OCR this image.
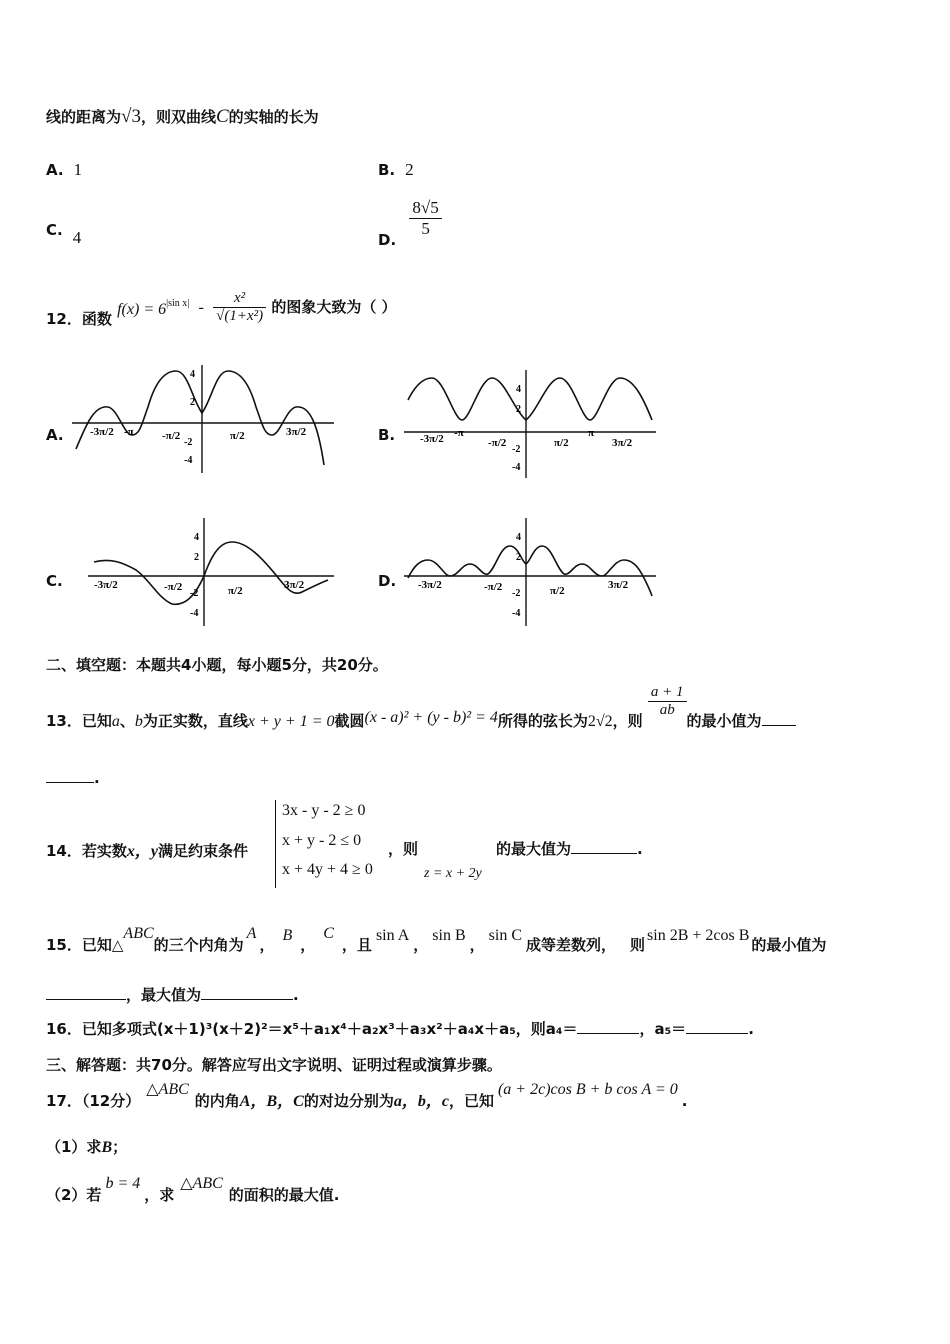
线的距离为√3，则双曲线C的实轴的长为
A. 1	B. 2
C. 4	D.
$\frac{8√5}{5}$
12．函数 $f(x) = 6^{|sin x|} - \frac{\text{x²}}{\text{√(1+x²)}}$ 的图象大致为（ ）
A.	B.
C.	D.
-3π/2 -π	-π/2	π/2	3π/2
4
2
-2
-4
-3π/2 -π
-π/2	π/2
π
3π/2
4
2
-2
-4
-3π/2	-π/2	π/2	3π/2
4
2
-2
-4
-3π/2	-π/2	π/2	3π/2
4
2
-2
-4
二、填空题：本题共4小题，每小题5分，共20分。
13．已知a、b为正实数，直线x + y + 1 = 0截圆(x - a)² + (y - b)² = 4所得的弦长为2√2，则
$\frac{a + 1}{ab}$
的最小值为
.
3x - y - 2 ≥ 0
x + y - 2 ≤ 0
x + 4y + 4 ≥ 0
14．若实数x，y满足约束条件	，则
z = x + 2y
的最大值为	.
15．已知△ABC的三个内角为A，B，C，且sin A，sin B，sin C成等差数列， 则sin 2B + 2cos B的最小值为
，最大值为	.
16．已知多项式(x＋1)³(x＋2)²＝x⁵＋a₁x⁴＋a₂x³＋a₃x²＋a₄x＋a₅，则a₄＝	，a₅＝	.
三、解答题：共70分。解答应写出文字说明、证明过程或演算步骤。
17．（12分）△ABC的内角A，B，C的对边分别为a，b，c，已知(a + 2c)cos B + b cos A = 0.
（1）求B；
（2）若b = 4，求△ABC的面积的最大值.
